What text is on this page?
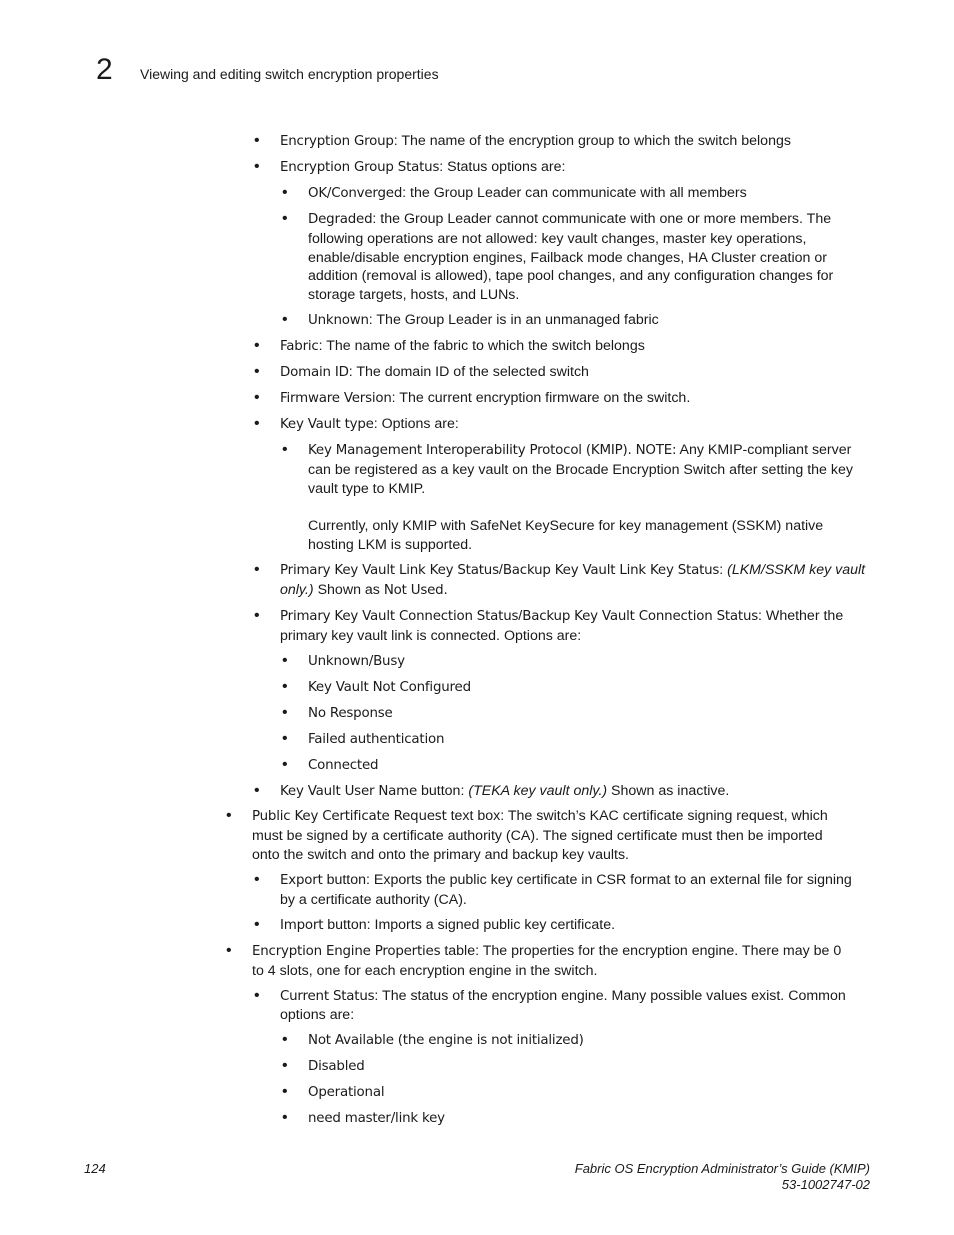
2 Viewing and editing switch encryption properties
• Encryption Group: The name of the encryption group to which the switch belongs
• Encryption Group Status: Status options are:
• OK/Converged: the Group Leader can communicate with all members
• Degraded: the Group Leader cannot communicate with one or more members. The following operations are not allowed: key vault changes, master key operations, enable/disable encryption engines, Failback mode changes, HA Cluster creation or addition (removal is allowed), tape pool changes, and any configuration changes for storage targets, hosts, and LUNs.
• Unknown: The Group Leader is in an unmanaged fabric
• Fabric: The name of the fabric to which the switch belongs
• Domain ID: The domain ID of the selected switch
• Firmware Version: The current encryption firmware on the switch.
• Key Vault type: Options are:
• Key Management Interoperability Protocol (KMIP). NOTE: Any KMIP-compliant server can be registered as a key vault on the Brocade Encryption Switch after setting the key vault type to KMIP.
Currently, only KMIP with SafeNet KeySecure for key management (SSKM) native hosting LKM is supported.
• Primary Key Vault Link Key Status/Backup Key Vault Link Key Status: (LKM/SSKM key vault only.) Shown as Not Used.
• Primary Key Vault Connection Status/Backup Key Vault Connection Status: Whether the primary key vault link is connected. Options are:
• Unknown/Busy
• Key Vault Not Configured
• No Response
• Failed authentication
• Connected
• Key Vault User Name button: (TEKA key vault only.) Shown as inactive.
• Public Key Certificate Request text box: The switch’s KAC certificate signing request, which must be signed by a certificate authority (CA). The signed certificate must then be imported onto the switch and onto the primary and backup key vaults.
• Export button: Exports the public key certificate in CSR format to an external file for signing by a certificate authority (CA).
• Import button: Imports a signed public key certificate.
• Encryption Engine Properties table: The properties for the encryption engine. There may be 0 to 4 slots, one for each encryption engine in the switch.
• Current Status: The status of the encryption engine. Many possible values exist. Common options are:
• Not Available (the engine is not initialized)
• Disabled
• Operational
• need master/link key
124	Fabric OS Encryption Administrator’s Guide (KMIP)
53-1002747-02
